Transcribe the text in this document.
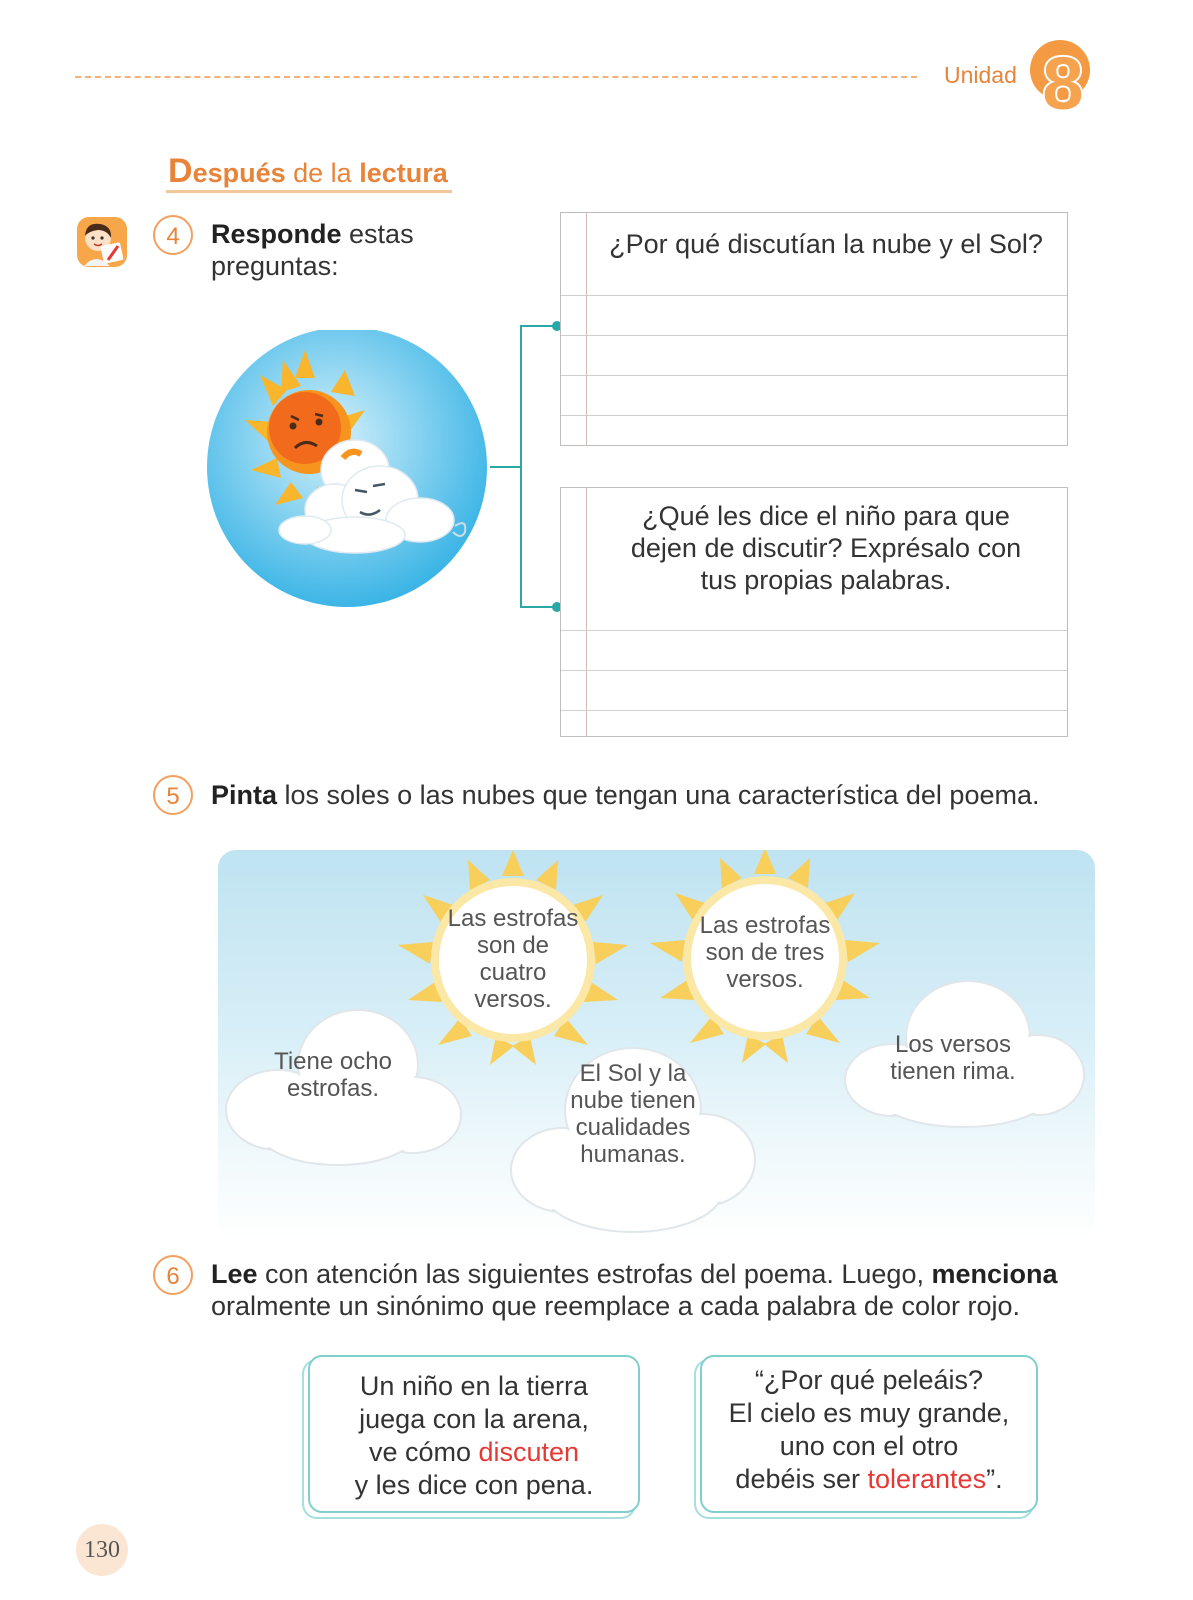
Unidad 8
Después de la lectura
4	Responde estas
preguntas:
¿Por qué discutían la nube y el Sol?
¿Qué les dice el niño para que
dejen de discutir? Exprésalo con
tus propias palabras.
5	Pinta los soles o las nubes que tengan una característica del poema.
Las estrofas
son de
cuatro
versos.
Las estrofas
son de tres
versos.
Tiene ocho
estrofas.
El Sol y la
nube tienen
cualidades
humanas.
Los versos
tienen rima.
6	Lee con atención las siguientes estrofas del poema. Luego, menciona
oralmente un sinónimo que reemplace a cada palabra de color rojo.
Un niño en la tierra
juega con la arena,
ve cómo discuten
y les dice con pena.
“¿Por qué peleáis?
El cielo es muy grande,
uno con el otro
debéis ser tolerantes”.
130
